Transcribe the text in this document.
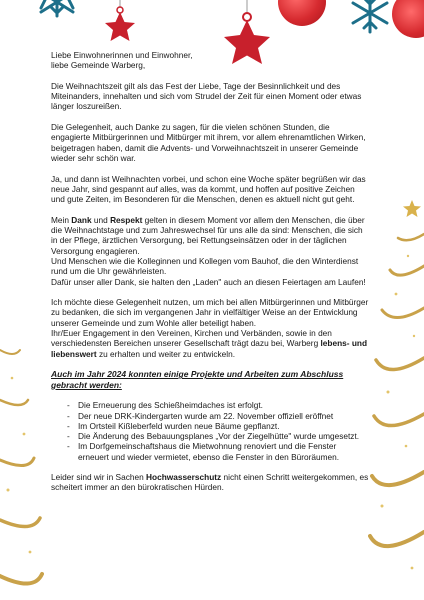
Liebe Einwohnerinnen und Einwohner,
liebe Gemeinde Warberg,

Die Weihnachtszeit gilt als das Fest der Liebe, Tage der Besinnlichkeit und des Miteinanders, innehalten und sich vom Strudel der Zeit für einen Moment oder etwas länger loszureißen.

Die Gelegenheit, auch Danke zu sagen, für die vielen schönen Stunden, die engagierte Mitbürgerinnen und Mitbürger mit ihrem, vor allem ehrenamtlichen Wirken, beigetragen haben, damit die Advents- und Vorweihnachtszeit in unserer Gemeinde wieder sehr schön war.

Ja, und dann ist Weihnachten vorbei, und schon eine Woche später begrüßen wir das neue Jahr, sind gespannt auf alles, was da kommt, und hoffen auf positive Zeichen und gute Zeiten, im Besonderen für die Menschen, denen es aktuell nicht gut geht.

Mein Dank und Respekt gelten in diesem Moment vor allem den Menschen, die über die Weihnachtstage und zum Jahreswechsel für uns alle da sind: Menschen, die sich in der Pflege, ärztlichen Versorgung, bei Rettungseinsätzen oder in der täglichen Versorgung engagieren.
Und Menschen wie die Kolleginnen und Kollegen vom Bauhof, die den Winterdienst rund um die Uhr gewährleisten.
Dafür unser aller Dank, sie halten den „Laden" auch an diesen Feiertagen am Laufen!

Ich möchte diese Gelegenheit nutzen, um mich bei allen Mitbürgerinnen und Mitbürger zu bedanken, die sich im vergangenen Jahr in vielfältiger Weise an der Entwicklung unserer Gemeinde und zum Wohle aller beteiligt haben.
Ihr/Euer Engagement in den Vereinen, Kirchen und Verbänden, sowie in den verschiedensten Bereichen unserer Gesellschaft trägt dazu bei, Warberg lebens- und liebenswert zu erhalten und weiter zu entwickeln.

Auch im Jahr 2024 konnten einige Projekte und Arbeiten zum Abschluss gebracht werden:
- Die Erneuerung des Schießheimdaches ist erfolgt.
- Der neue DRK-Kindergarten wurde am 22. November offiziell eröffnet
- Im Ortsteil Kißleberfeld wurden neue Bäume gepflanzt.
- Die Änderung des Bebauungsplanes „Vor der Ziegelhütte" wurde umgesetzt.
- Im Dorfgemeinschaftshaus die Mietwohnung renoviert und die Fenster erneuert und wieder vermietet, ebenso die Fenster in den Büroräumen.

Leider sind wir in Sachen Hochwasserschutz nicht einen Schritt weitergekommen, es scheitert immer an den bürokratischen Hürden.
